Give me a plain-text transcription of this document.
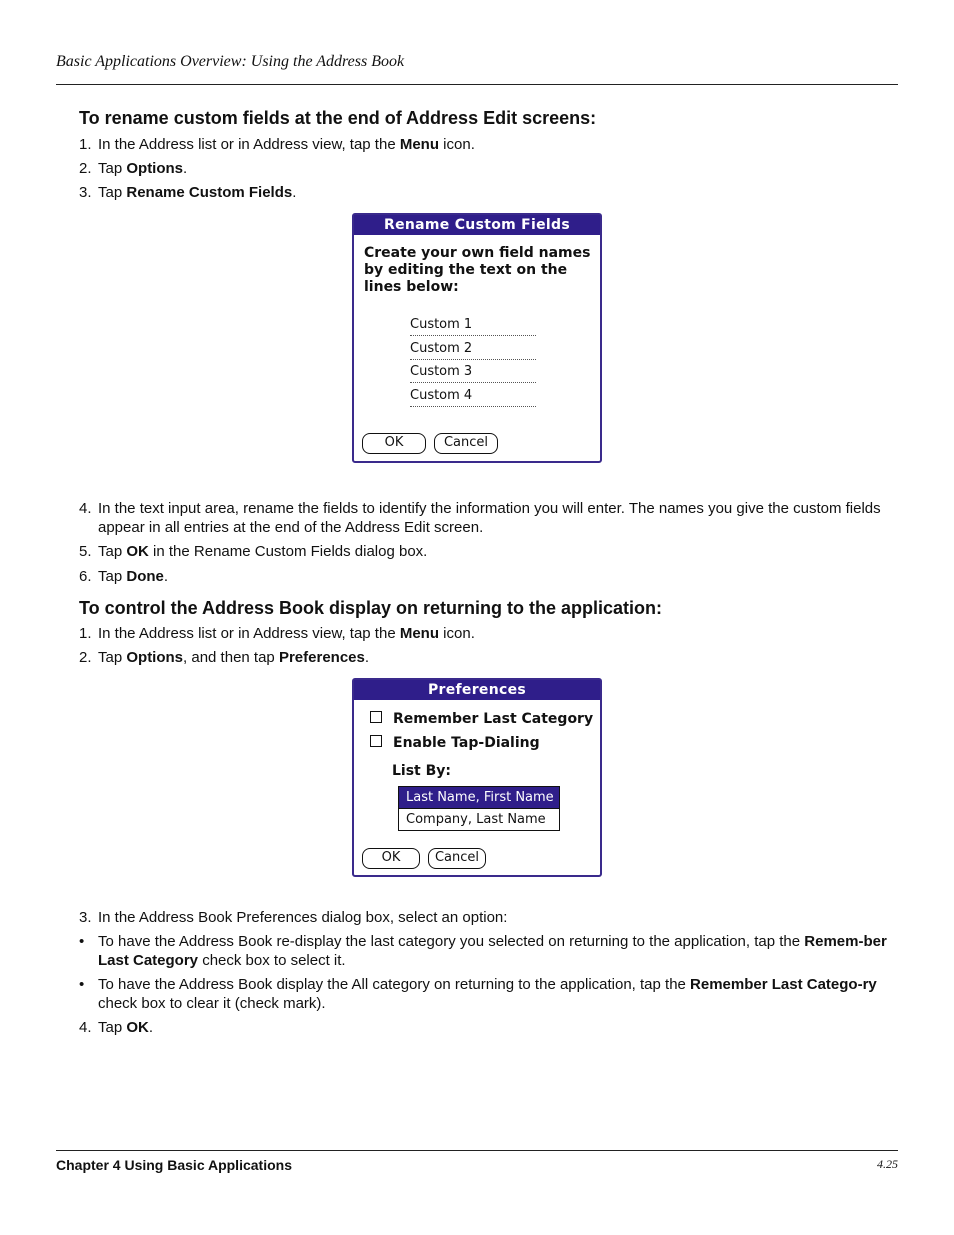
Basic Applications Overview: Using the Address Book
To rename custom fields at the end of Address Edit screens:
1. In the Address list or in Address view, tap the Menu icon.
2. Tap Options.
3. Tap Rename Custom Fields.
Rename Custom Fields
Create your own field names by editing the text on the lines below:
Custom 1
Custom 2
Custom 3
Custom 4
OK	Cancel
4. In the text input area, rename the fields to identify the information you will enter. The names you give the custom fields appear in all entries at the end of the Address Edit screen.
5. Tap OK in the Rename Custom Fields dialog box.
6. Tap Done.
To control the Address Book display on returning to the application:
1. In the Address list or in Address view, tap the Menu icon.
2. Tap Options, and then tap Preferences.
Preferences
Remember Last Category
Enable Tap-Dialing
List By:
Last Name, First Name
Company, Last Name
OK	Cancel
3. In the Address Book Preferences dialog box, select an option:
• To have the Address Book re-display the last category you selected on returning to the application, tap the Remem-ber Last Category check box to select it.
• To have the Address Book display the All category on returning to the application, tap the Remember Last Catego-ry check box to clear it (check mark).
4. Tap OK.
Chapter 4 Using Basic Applications	4.25
